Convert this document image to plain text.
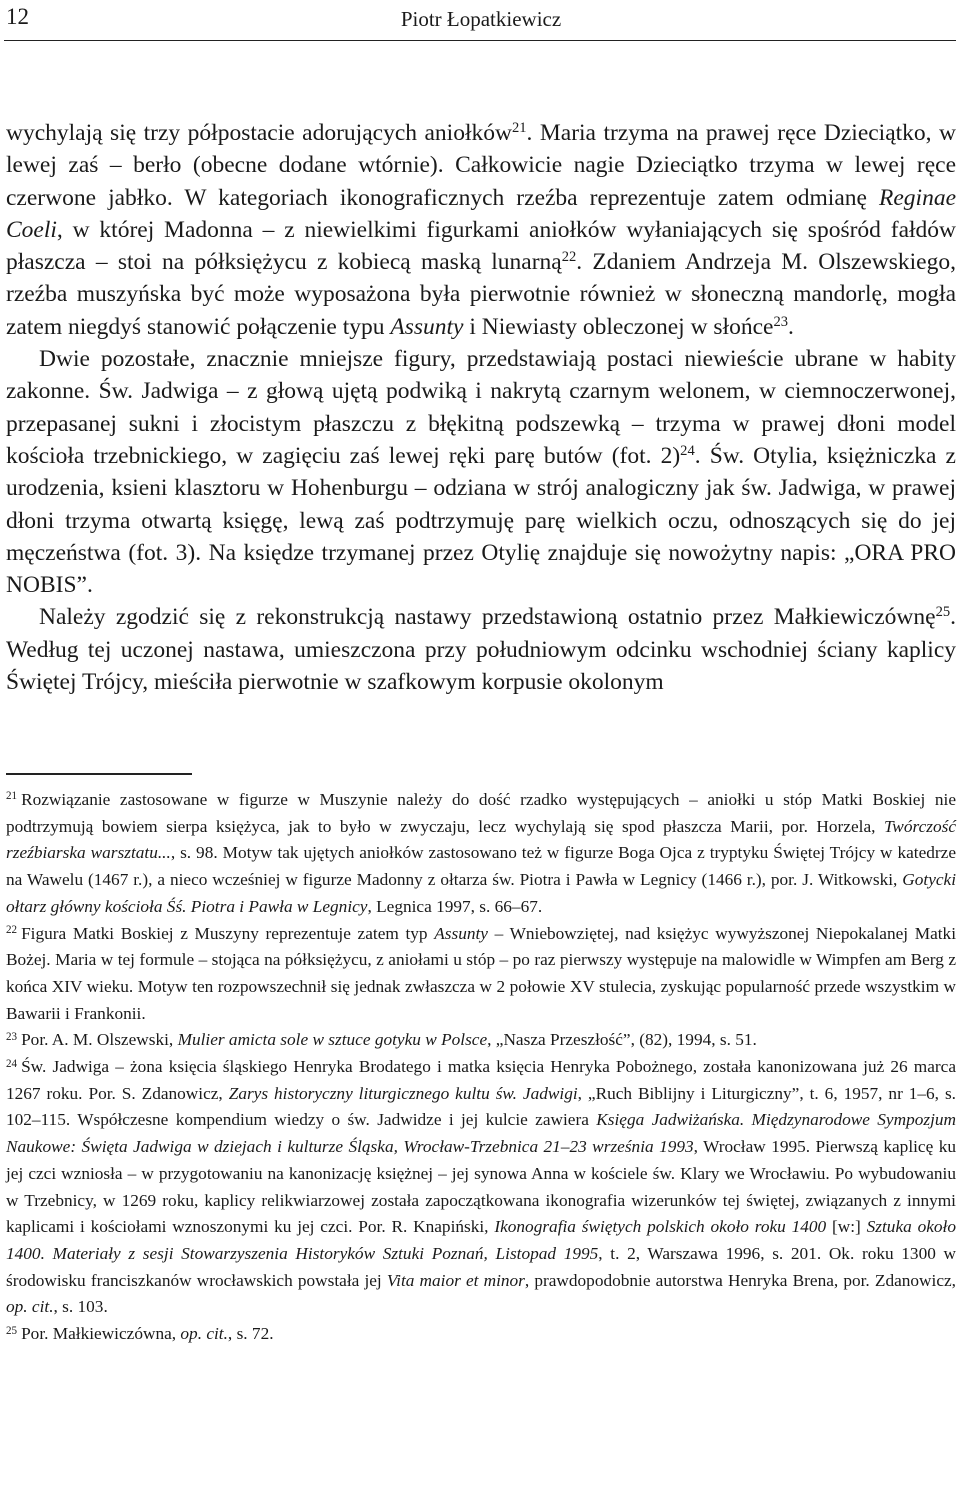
12	Piotr Łopatkiewicz

wychylają się trzy półpostacie adorujących aniołków$^{21}$. Maria trzyma na prawej ręce Dzieciątko, w lewej zaś – berło (obecne dodane wtórnie). Całkowicie nagie Dzieciątko trzyma w lewej ręce czerwone jabłko. W kategoriach ikonograficznych rzeźba reprezentuje zatem odmianę Reginae Coeli, w której Madonna – z niewielkimi figurkami aniołków wyłaniających się spośród fałdów płaszcza – stoi na półksiężycu z kobiecą maską lunarną$^{22}$. Zdaniem Andrzeja M. Olszewskiego, rzeźba muszyńska być może wyposażona była pierwotnie również w słoneczną mandorlę, mogła zatem niegdyś stanowić połączenie typu Assunty i Niewiasty obleczonej w słońce$^{23}$.

Dwie pozostałe, znacznie mniejsze figury, przedstawiają postaci niewieście ubrane w habity zakonne. Św. Jadwiga – z głową ujętą podwiką i nakrytą czarnym welonem, w ciemnoczerwonej, przepasanej sukni i złocistym płaszczu z błękitną podszewką – trzyma w prawej dłoni model kościoła trzebnickiego, w zagięciu zaś lewej ręki parę butów (fot. 2)$^{24}$. Św. Otylia, księżniczka z urodzenia, ksieni klasztoru w Hohenburgu – odziana w strój analogiczny jak św. Jadwiga, w prawej dłoni trzyma otwartą księgę, lewą zaś podtrzymuję parę wielkich oczu, odnoszących się do jej męczeństwa (fot. 3). Na księdze trzymanej przez Otylię znajduje się nowożytny napis: „ORA PRO NOBIS”.

Należy zgodzić się z rekonstrukcją nastawy przedstawioną ostatnio przez Małkiewiczównę$^{25}$. Według tej uczonej nastawa, umieszczona przy południowym odcinku wschodniej ściany kaplicy Świętej Trójcy, mieściła pierwotnie w szafkowym korpusie okolonym

$^{21}$ Rozwiązanie zastosowane w figurze w Muszynie należy do dość rzadko występujących – aniołki u stóp Matki Boskiej nie podtrzymują bowiem sierpa księżyca, jak to było w zwyczaju, lecz wychylają się spod płaszcza Marii, por. Horzela, Twórczość rzeźbiarska warsztatu..., s. 98. Motyw tak ujętych aniołków zastosowano też w figurze Boga Ojca z tryptyku Świętej Trójcy w katedrze na Wawelu (1467 r.), a nieco wcześniej w figurze Madonny z ołtarza św. Piotra i Pawła w Legnicy (1466 r.), por. J. Witkowski, Gotycki ołtarz główny kościoła Śś. Piotra i Pawła w Legnicy, Legnica 1997, s. 66–67.

$^{22}$ Figura Matki Boskiej z Muszyny reprezentuje zatem typ Assunty – Wniebowziętej, nad księżyc wywyższonej Niepokalanej Matki Bożej. Maria w tej formule – stojąca na półksiężycu, z aniołami u stóp – po raz pierwszy występuje na malowidle w Wimpfen am Berg z końca XIV wieku. Motyw ten rozpowszechnił się jednak zwłaszcza w 2 połowie XV stulecia, zyskując popularność przede wszystkim w Bawarii i Frankonii.

$^{23}$ Por. A. M. Olszewski, Mulier amicta sole w sztuce gotyku w Polsce, „Nasza Przeszłość”, (82), 1994, s. 51.

$^{24}$ Św. Jadwiga – żona księcia śląskiego Henryka Brodatego i matka księcia Henryka Pobożnego, została kanonizowana już 26 marca 1267 roku. Por. S. Zdanowicz, Zarys historyczny liturgicznego kultu św. Jadwigi, „Ruch Biblijny i Liturgiczny”, t. 6, 1957, nr 1–6, s. 102–115. Współczesne kompendium wiedzy o św. Jadwidze i jej kulcie zawiera Księga Jadwiżańska. Międzynarodowe Sympozjum Naukowe: Święta Jadwiga w dziejach i kulturze Śląska, Wrocław-Trzebnica 21–23 września 1993, Wrocław 1995. Pierwszą kaplicę ku jej czci wzniosła – w przygotowaniu na kanonizację księżnej – jej synowa Anna w kościele św. Klary we Wrocławiu. Po wybudowaniu w Trzebnicy, w 1269 roku, kaplicy relikwiarzowej została zapoczątkowana ikonografia wizerunków tej świętej, związanych z innymi kaplicami i kościołami wznoszonymi ku jej czci. Por. R. Knapiński, Ikonografia świętych polskich około roku 1400 [w:] Sztuka około 1400. Materiały z sesji Stowarzyszenia Historyków Sztuki Poznań, Listopad 1995, t. 2, Warszawa 1996, s. 201. Ok. roku 1300 w środowisku franciszkanów wrocławskich powstała jej Vita maior et minor, prawdopodobnie autorstwa Henryka Brena, por. Zdanowicz, op. cit., s. 103.

$^{25}$ Por. Małkiewiczówna, op. cit., s. 72.
